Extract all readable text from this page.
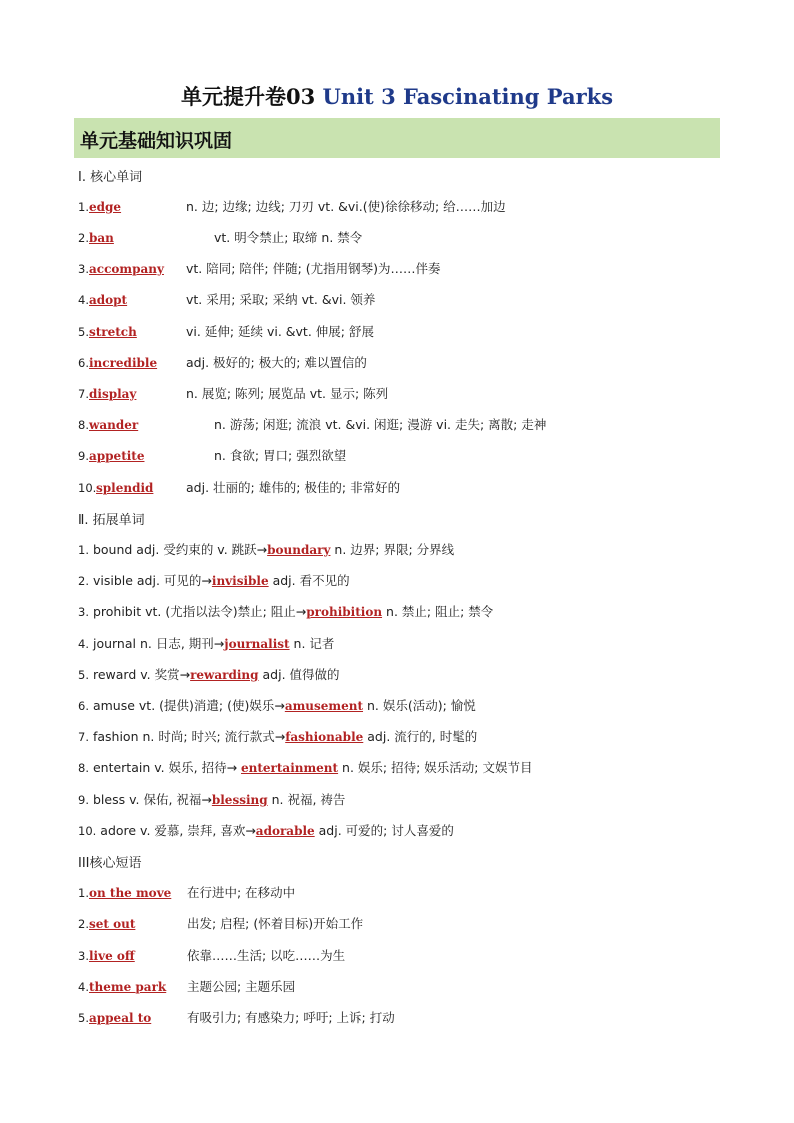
单元提升卷03 Unit 3 Fascinating Parks
单元基础知识巩固
Ⅰ. 核心单词
1. edge	n. 边; 边缘; 边线; 刀刃 vt. &vi.(使)徐徐移动; 给……加边
2. ban	vt. 明令禁止; 取缔 n. 禁令
3. accompany vt. 陪同; 陪伴; 伴随; (尤指用钢琴)为……伴奏
4. adopt	vt. 采用; 采取; 采纳 vt. &vi. 领养
5. stretch	vi. 延伸; 延续 vi. &vt. 伸展; 舒展
6. incredible adj. 极好的; 极大的; 难以置信的
7. display	n. 展览; 陈列; 展览品 vt. 显示; 陈列
8. wander	n. 游荡; 闲逛; 流浪 vt. &vi. 闲逛; 漫游 vi. 走失; 离散; 走神
9. appetite	n. 食欲; 胃口; 强烈欲望
10. splendid	adj. 壮丽的; 雄伟的; 极佳的; 非常好的
Ⅱ. 拓展单词
1. bound adj. 受约束的 v. 跳跃→boundary n. 边界; 界限; 分界线
2. visible adj. 可见的→invisible adj. 看不见的
3. prohibit vt. (尤指以法令)禁止; 阻止→prohibition n. 禁止; 阻止; 禁令
4. journal n. 日志, 期刊→journalist n. 记者
5. reward v. 奖赏→rewarding adj. 值得做的
6. amuse vt. (提供)消遣; (使)娱乐→amusement n. 娱乐(活动); 愉悦
7. fashion n. 时尚; 时兴; 流行款式→fashionable adj. 流行的, 时髦的
8. entertain v. 娱乐, 招待→ entertainment n. 娱乐; 招待; 娱乐活动; 文娱节目
9. bless v. 保佑, 祝福→blessing n. 祝福, 祷告
10. adore v. 爱慕, 崇拜, 喜欢→adorable adj. 可爱的; 讨人喜爱的
III核心短语
1. on the move 在行进中; 在移动中
2. set out	出发; 启程; (怀着目标)开始工作
3. live off	依靠……生活; 以吃……为生
4. theme park 主题公园; 主题乐园
5. appeal to	有吸引力; 有感染力; 呼吁; 上诉; 打动
